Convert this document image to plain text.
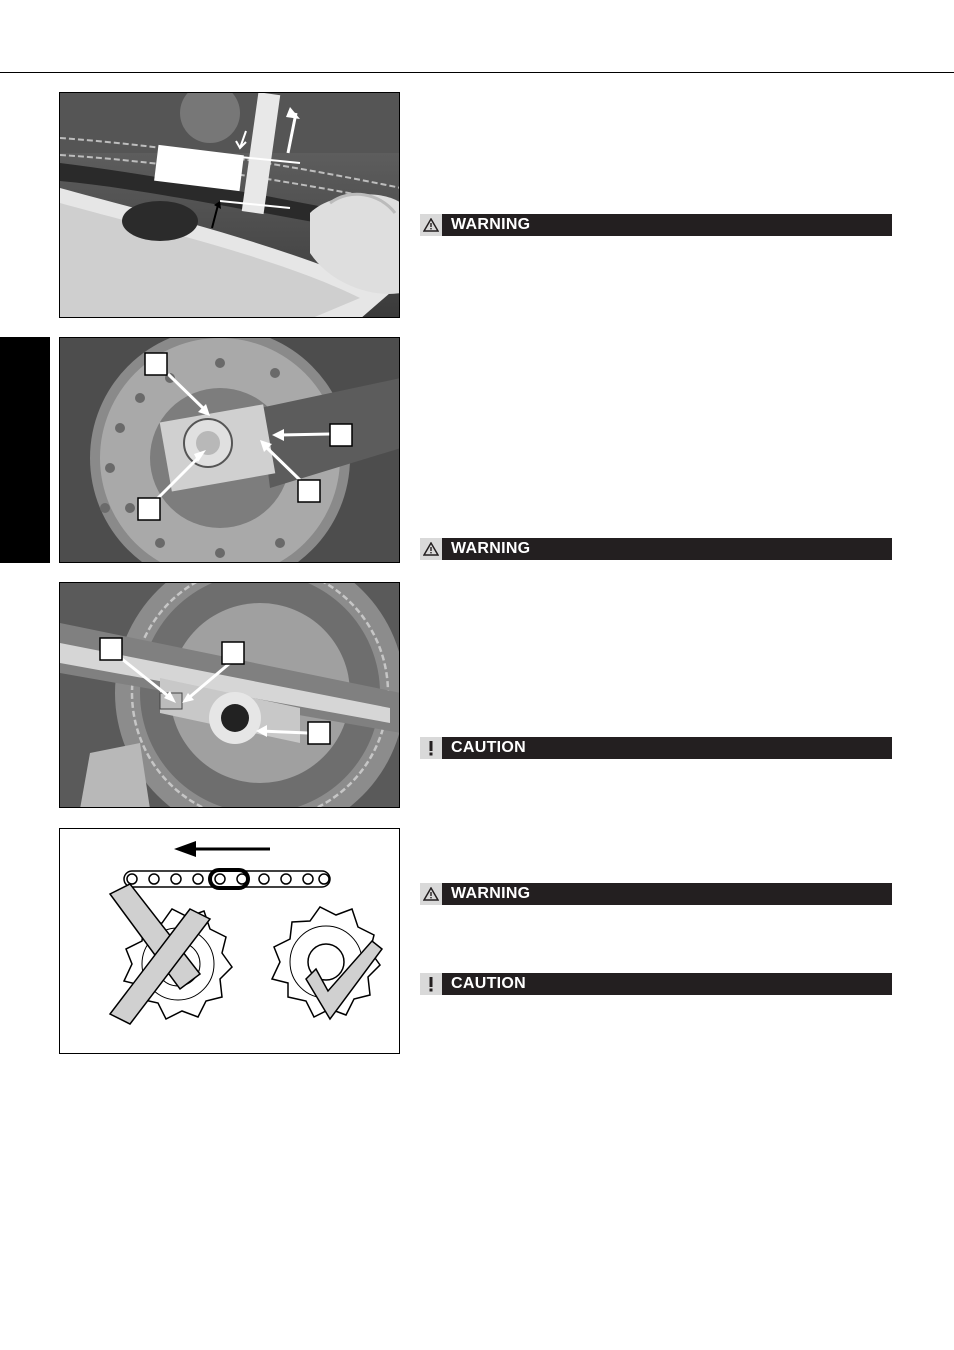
WARNING
WARNING
CAUTION
WARNING
CAUTION
